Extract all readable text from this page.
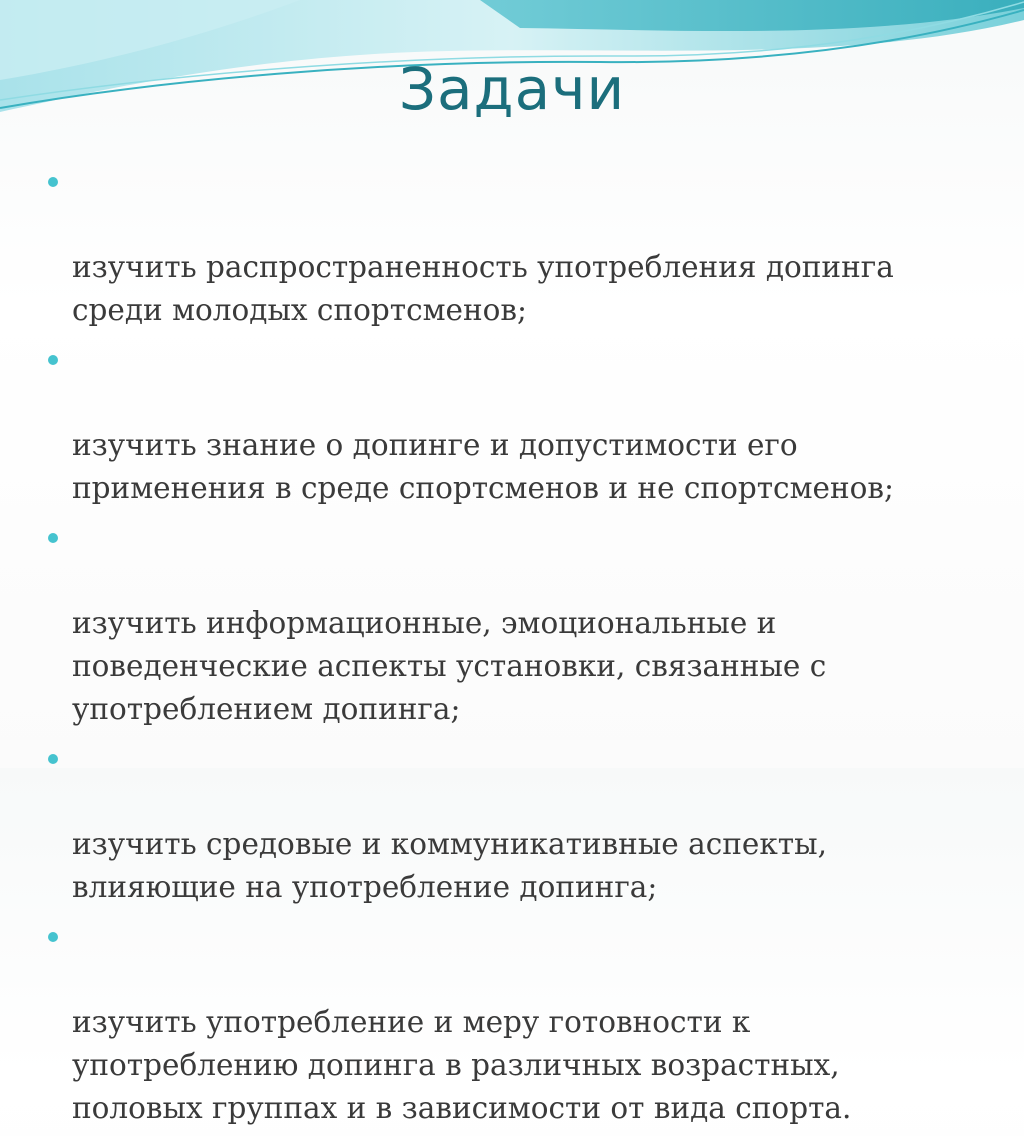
Задачи

изучить распространенность употребления допинга
среди молодых спортсменов;

изучить знание о допинге и допустимости его
применения в среде спортсменов и не спортсменов;

изучить информационные, эмоциональные и
поведенческие аспекты установки, связанные с
употреблением допинга;

изучить средовые и коммуникативные аспекты,
влияющие на употребление допинга;

изучить употребление и меру готовности к
употреблению допинга в различных возрастных,
половых группах и в зависимости от вида спорта.
